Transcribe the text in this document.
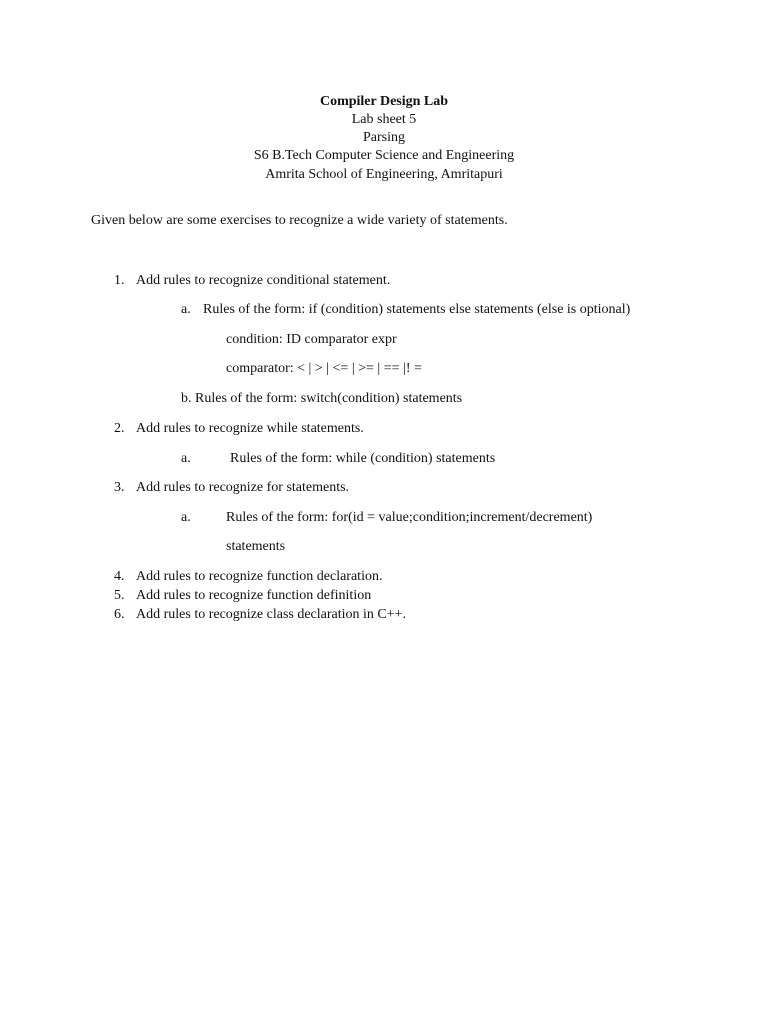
Compiler Design Lab
Lab sheet 5
Parsing
S6 B.Tech Computer Science and Engineering
Amrita School of Engineering, Amritapuri
Given below are some exercises to recognize a wide variety of statements.
1. Add rules to recognize conditional statement.
a. Rules of the form: if (condition) statements else statements (else is optional)
condition: ID comparator expr
comparator: < | > | <= | >= | == |! =
b. Rules of the form: switch(condition) statements
2. Add rules to recognize while statements.
a.	Rules of the form: while (condition) statements
3. Add rules to recognize for statements.
a.	Rules of the form: for(id = value;condition;increment/decrement)
statements
4. Add rules to recognize function declaration.
5. Add rules to recognize function definition
6. Add rules to recognize class declaration in C++.
